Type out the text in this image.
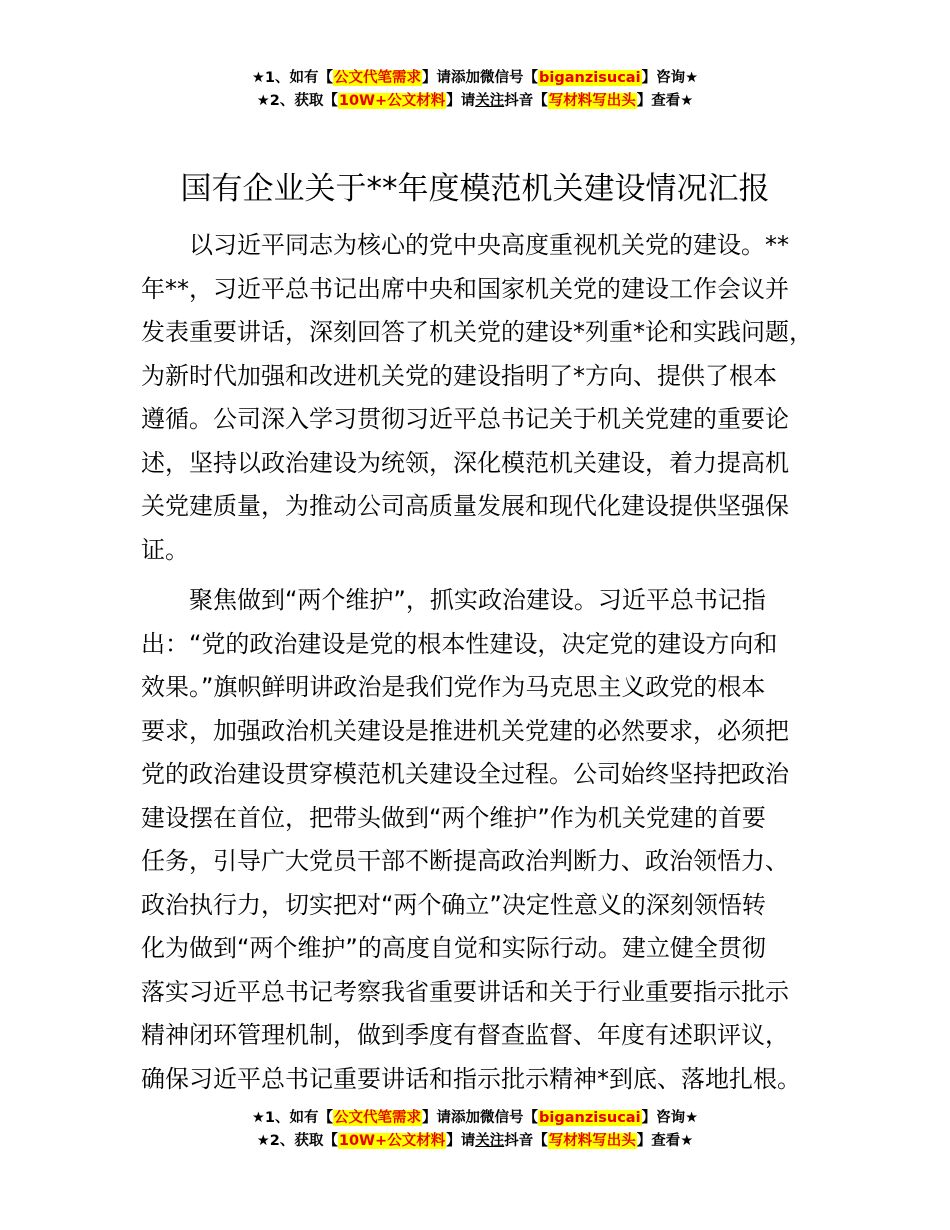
★1、如有【公文代笔需求】请添加微信号【biganzisucai】咨询★
★2、获取【10W+公文材料】请关注抖音【写材料写出头】查看★
国有企业关于**年度模范机关建设情况汇报
以习近平同志为核心的党中央高度重视机关党的建设。**
年**，习近平总书记出席中央和国家机关党的建设工作会议并
发表重要讲话，深刻回答了机关党的建设*列重*论和实践问题，
为新时代加强和改进机关党的建设指明了*方向、提供了根本
遵循。公司深入学习贯彻习近平总书记关于机关党建的重要论
述，坚持以政治建设为统领，深化模范机关建设，着力提高机
关党建质量，为推动公司高质量发展和现代化建设提供坚强保
证。
聚焦做到“两个维护”，抓实政治建设。习近平总书记指
出：“党的政治建设是党的根本性建设，决定党的建设方向和
效果。”旗帜鲜明讲政治是我们党作为马克思主义政党的根本
要求，加强政治机关建设是推进机关党建的必然要求，必须把
党的政治建设贯穿模范机关建设全过程。公司始终坚持把政治
建设摆在首位，把带头做到“两个维护”作为机关党建的首要
任务，引导广大党员干部不断提高政治判断力、政治领悟力、
政治执行力，切实把对“两个确立”决定性意义的深刻领悟转
化为做到“两个维护”的高度自觉和实际行动。建立健全贯彻
落实习近平总书记考察我省重要讲话和关于行业重要指示批示
精神闭环管理机制，做到季度有督查监督、年度有述职评议，
确保习近平总书记重要讲话和指示批示精神*到底、落地扎根。
★1、如有【公文代笔需求】请添加微信号【biganzisucai】咨询★
★2、获取【10W+公文材料】请关注抖音【写材料写出头】查看★
